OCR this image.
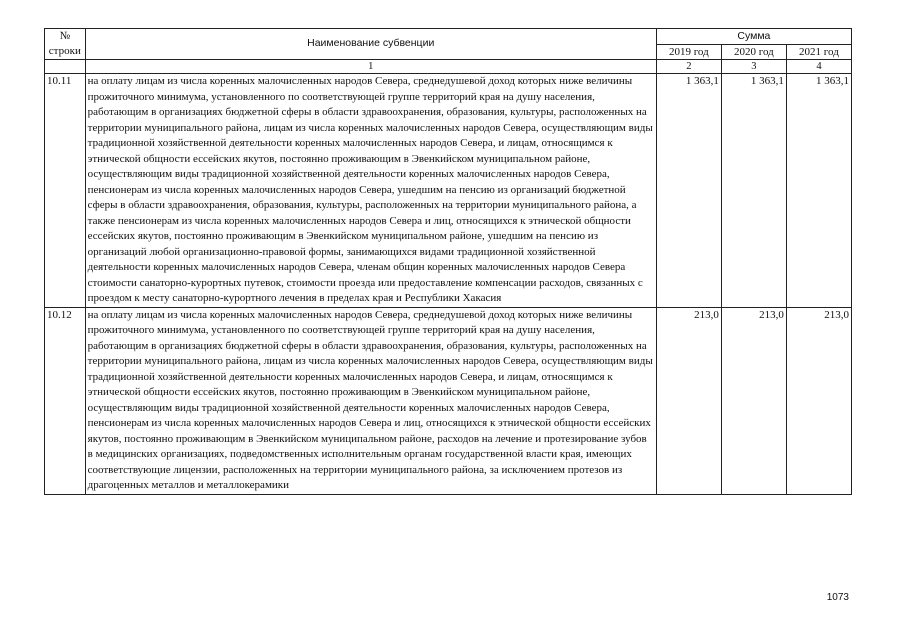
№
строки	Наименование субвенции	Сумма		
		2019 год	2020 год	2021 год
	1	2	3	4
10.11	на оплату лицам из числа коренных малочисленных народов Севера, среднедушевой доход которых ниже величины прожиточного минимума, установленного по соответствующей группе территорий края на душу населения, работающим в организациях бюджетной сферы в области здравоохранения, образования, культуры, расположенных на территории муниципального района, лицам из числа коренных малочисленных народов Севера, осуществляющим виды традиционной хозяйственной деятельности коренных малочисленных народов Севера, и лицам, относящимся к этнической общности ессейских якутов, постоянно проживающим в Эвенкийском муниципальном районе, осуществляющим виды традиционной хозяйственной деятельности коренных малочисленных народов Севера, пенсионерам из числа коренных малочисленных народов Севера, ушедшим на пенсию из организаций бюджетной сферы в области здравоохранения, образования, культуры, расположенных на территории муниципального района, а также пенсионерам из числа коренных малочисленных народов Севера и лиц, относящихся к этнической общности ессейских якутов, постоянно проживающим в Эвенкийском муниципальном районе, ушедшим на пенсию из организаций любой организационно-правовой формы, занимающихся видами традиционной хозяйственной деятельности коренных малочисленных народов Севера, членам общин коренных малочисленных народов Севера стоимости санаторно-курортных путевок, стоимости проезда или предоставление компенсации расходов, связанных с проездом к месту санаторно-курортного лечения в пределах края и Республики Хакасия	1 363,1	1 363,1	1 363,1
10.12	на оплату лицам из числа коренных малочисленных народов Севера, среднедушевой доход которых ниже величины прожиточного минимума, установленного по соответствующей группе территорий края на душу населения, работающим в организациях бюджетной сферы в области здравоохранения, образования, культуры, расположенных на территории муниципального района, лицам из числа коренных малочисленных народов Севера, осуществляющим виды традиционной хозяйственной деятельности коренных малочисленных народов Севера, и лицам, относящимся к этнической общности ессейских якутов, постоянно проживающим в Эвенкийском муниципальном районе, осуществляющим виды традиционной хозяйственной деятельности коренных малочисленных народов Севера, пенсионерам из числа коренных малочисленных народов Севера и лиц, относящихся к этнической общности ессейских якутов, постоянно проживающим в Эвенкийском муниципальном районе, расходов на лечение и протезирование зубов в медицинских организациях, подведомственных исполнительным органам государственной власти края, имеющих соответствующие лицензии, расположенных на территории муниципального района, за исключением протезов из драгоценных металлов и металлокерамики	213,0	213,0	213,0
1073
